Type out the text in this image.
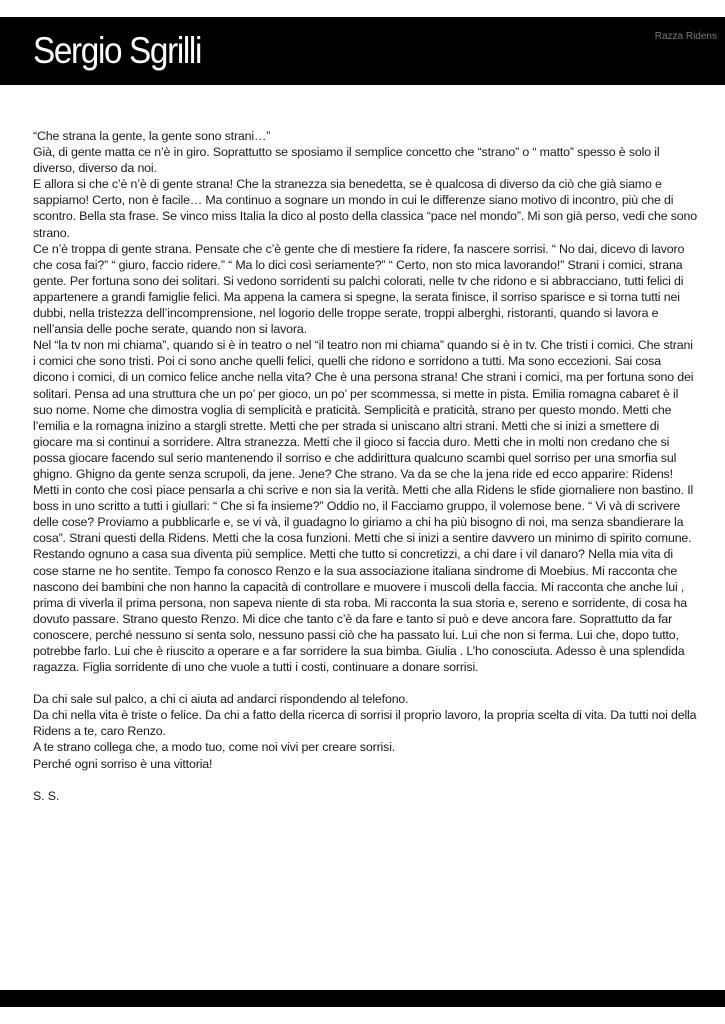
Sergio Sgrilli	Razza Ridens

“Che strana la gente, la gente sono strani…”
Già, di gente matta ce n’è in giro. Soprattutto se sposiamo il semplice concetto che “strano” o “ matto” spesso è solo il diverso, diverso da noi.
E allora si che c’è n’è di gente strana! Che la stranezza sia benedetta, se è qualcosa di diverso da ciò che già siamo e sappiamo! Certo, non è facile… Ma continuo a sognare un mondo in cui le differenze siano motivo di incontro, più che di scontro. Bella sta frase. Se vinco miss Italia la dico al posto della classica “pace nel mondo”. Mi son già perso, vedi che sono strano.
Ce n’è troppa di gente strana. Pensate che c’è gente che di mestiere fa ridere, fa nascere sorrisi. “ No dai, dicevo di lavoro che cosa fai?” “ giuro, faccio ridere.” “ Ma lo dici così seriamente?” “ Certo, non sto mica lavorando!” Strani i comici, strana gente. Per fortuna sono dei solitari. Si vedono sorridenti su palchi colorati, nelle tv che ridono e si abbracciano, tutti felici di appartenere a grandi famiglie felici. Ma appena la camera si spegne, la serata finisce, il sorriso sparisce e si torna tutti nei dubbi, nella tristezza dell’incomprensione, nel logorio delle troppe serate, troppi alberghi, ristoranti, quando si lavora e nell’ansia delle poche serate, quando non si lavora.
Nel “la tv non mi chiama”, quando si è in teatro o nel “il teatro non mi chiama” quando si è in tv. Che tristi i comici. Che strani i comici che sono tristi. Poi ci sono anche quelli felici, quelli che ridono e sorridono a tutti. Ma sono eccezioni. Sai cosa dicono i comici, di un comico felice anche nella vita? Che è una persona strana! Che strani i comici, ma per fortuna sono dei solitari. Pensa ad una struttura che un po’ per gioco, un po’ per scommessa, si mette in pista. Emilia romagna cabaret è il suo nome. Nome che dimostra voglia di semplicità e praticità. Semplicità e praticità, strano per questo mondo. Metti che l’emilia e la romagna inizino a stargli strette. Metti che per strada si uniscano altri strani. Metti che si inizi a smettere di giocare ma si continui a sorridere. Altra stranezza. Metti che il gioco si faccia duro. Metti che in molti non credano che si possa giocare facendo sul serio mantenendo il sorriso e che addirittura qualcuno scambi quel sorriso per una smorfia sul ghigno. Ghigno da gente senza scrupoli, da jene. Jene? Che strano. Va da se che la jena ride ed ecco apparire: Ridens! Metti in conto che così piace pensarla a chi scrive e non sia la verità. Metti che alla Ridens le sfide giornaliere non bastino. Il boss in uno scritto a tutti i giullari: “ Che si fa insieme?” Oddio no, il Facciamo gruppo, il volemose bene. “ Vi và di scrivere delle cose? Proviamo a pubblicarle e, se vi và, il guadagno lo giriamo a chi ha più bisogno di noi, ma senza sbandierare la cosa”. Strani questi della Ridens. Metti che la cosa funzioni. Metti che si inizi a sentire davvero un minimo di spirito comune. Restando ognuno a casa sua diventa più semplice. Metti che tutto si concretizzi, a chi dare i vil danaro? Nella mia vita di cose starne ne ho sentite. Tempo fa conosco Renzo e la sua associazione italiana sindrome di Moebius. Mi racconta che nascono dei bambini che non hanno la capacità di controllare e muovere i muscoli della faccia. Mi racconta che anche lui , prima di viverla il prima persona, non sapeva niente di sta roba. Mi racconta la sua storia e, sereno e sorridente, di cosa ha dovuto passare. Strano questo Renzo. Mi dice che tanto c’è da fare e tanto si può e deve ancora fare. Soprattutto da far conoscere, perché nessuno si senta solo, nessuno passi ciò che ha passato lui. Lui che non si ferma. Lui che, dopo tutto, potrebbe farlo. Lui che è riuscito a operare e a far sorridere la sua bimba. Giulia . L’ho conosciuta. Adesso è una splendida ragazza. Figlia sorridente di uno che vuole a tutti i costi, continuare a donare sorrisi.

Da chi sale sul palco, a chi ci aiuta ad andarci rispondendo al telefono.
Da chi nella vita è triste o felice. Da chi a fatto della ricerca di sorrisi il proprio lavoro, la propria scelta di vita. Da tutti noi della Ridens a te, caro Renzo.
A te strano collega che, a modo tuo, come noi vivi per creare sorrisi.
Perché ogni sorriso è una vittoria!

S. S.
